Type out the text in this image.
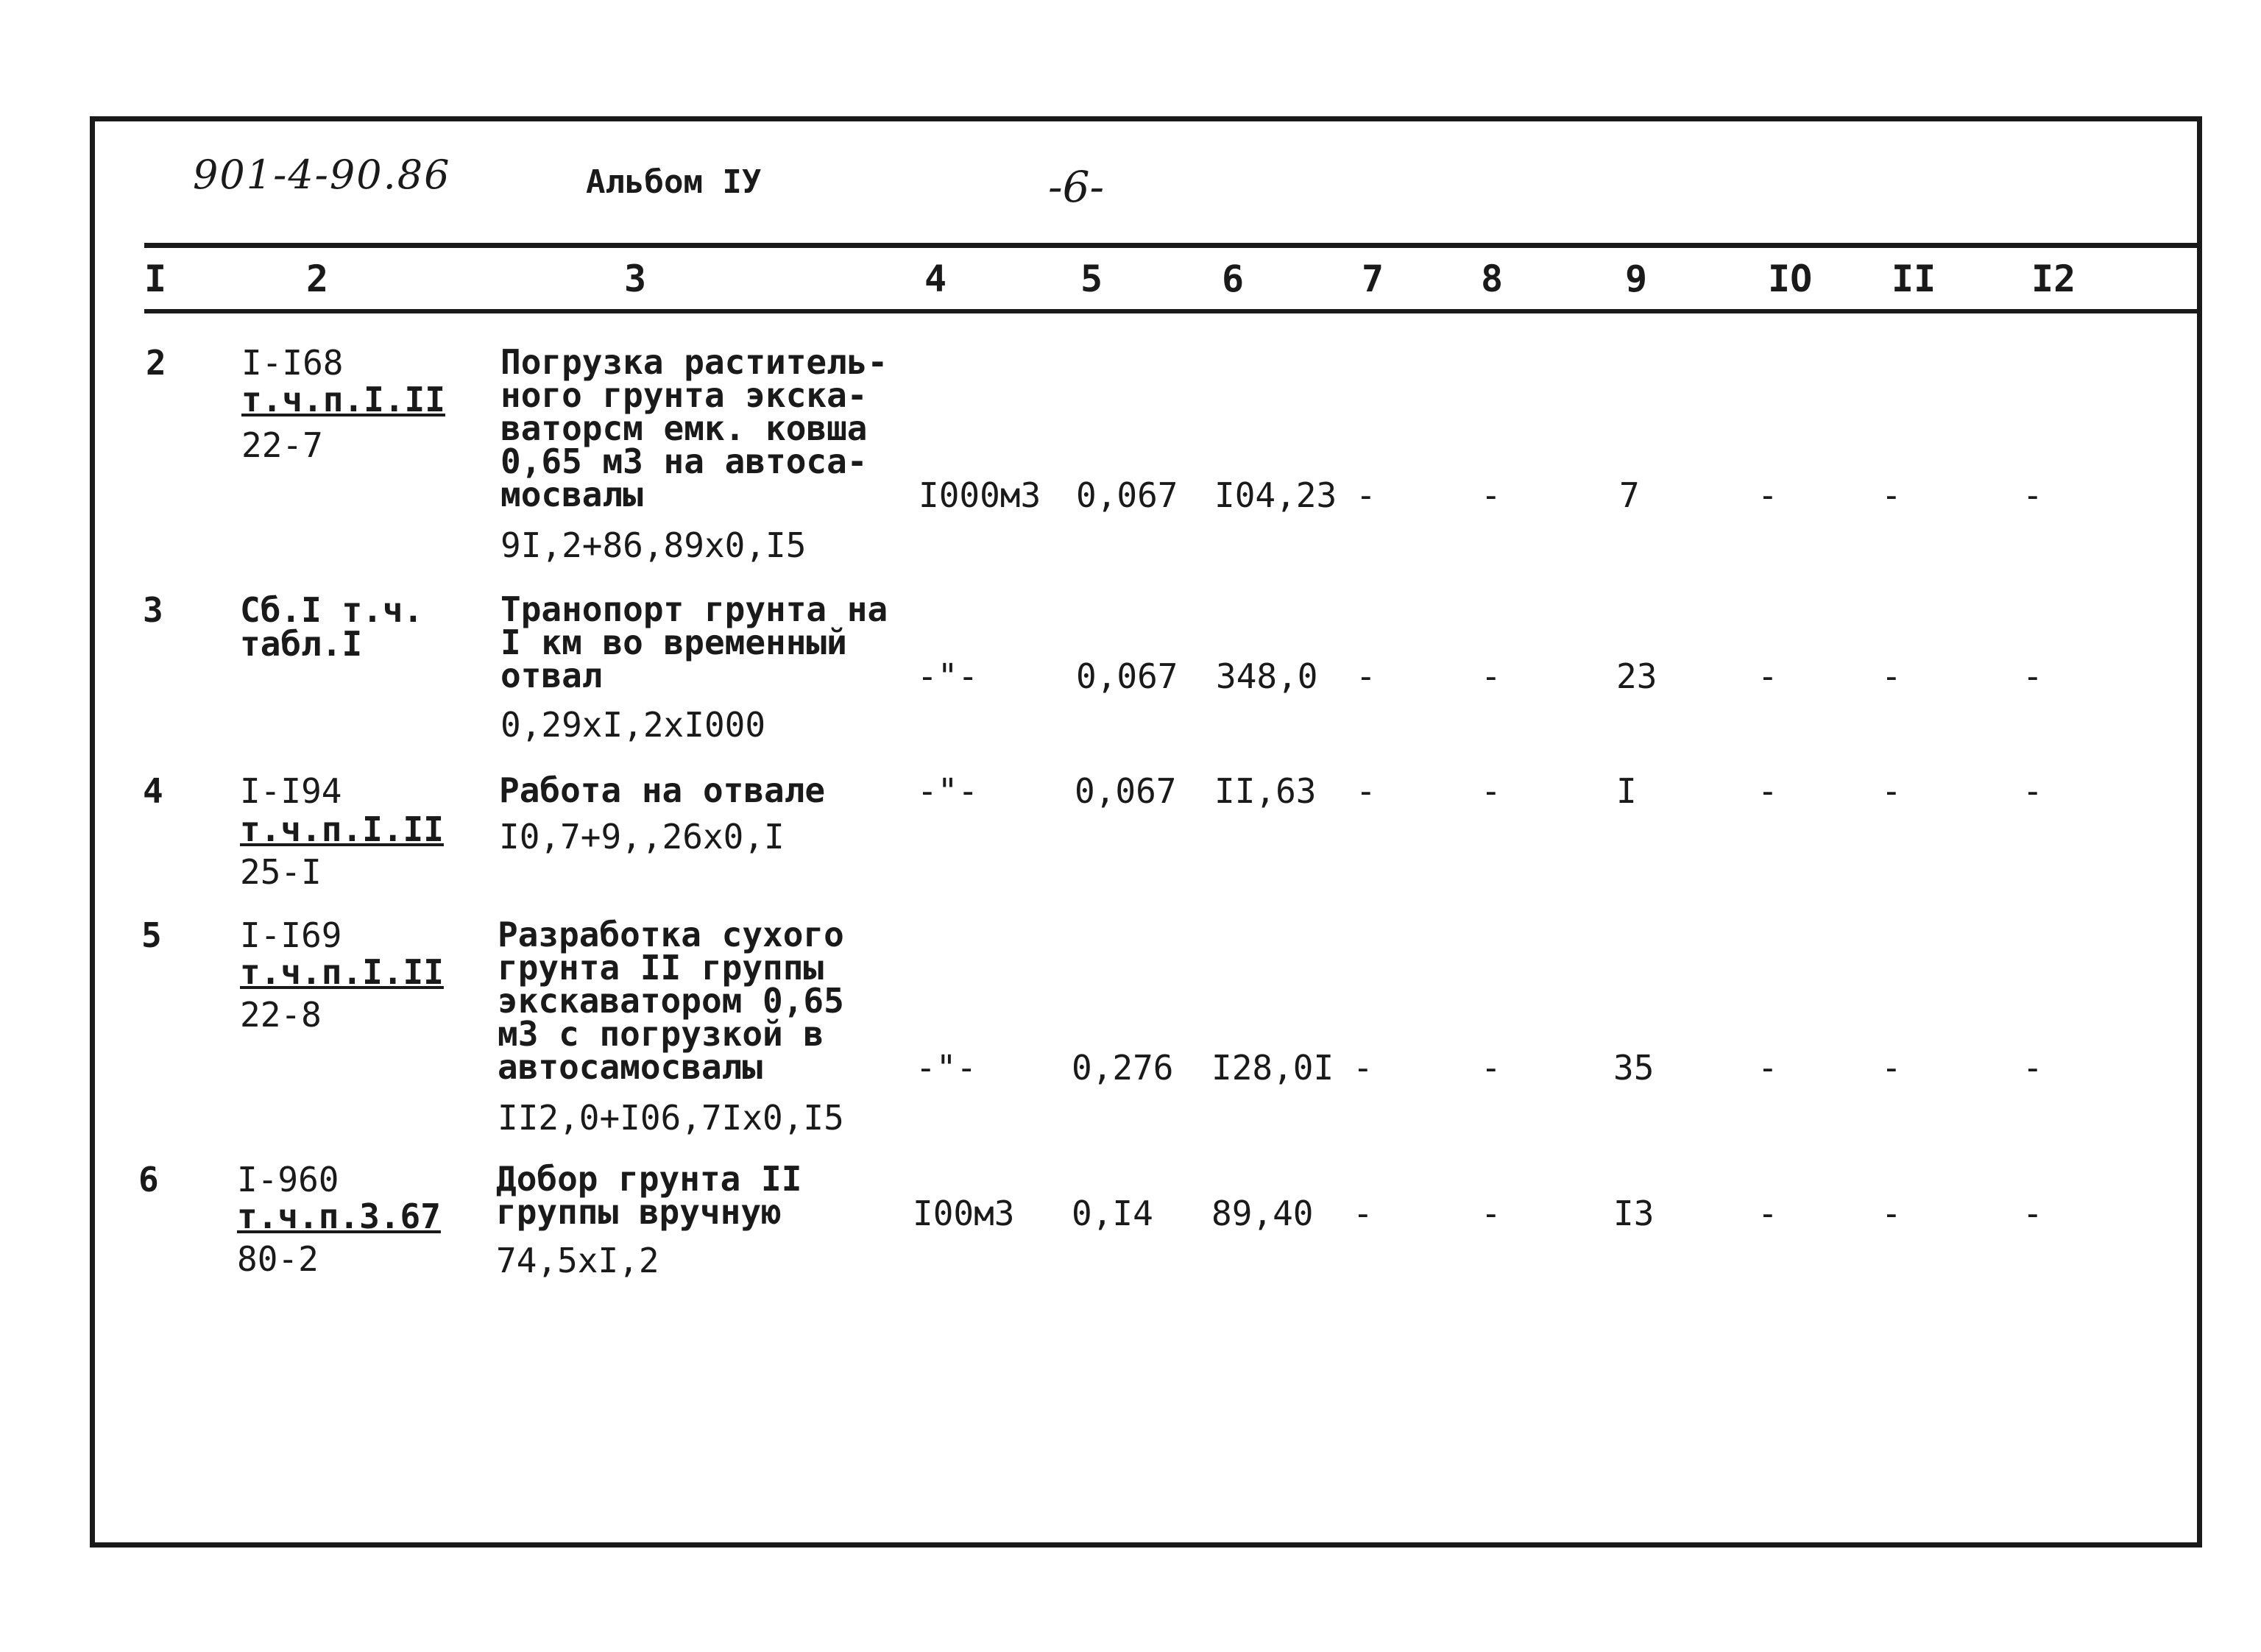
901-4-90.86	Альбом IУ	-6-
I	2	3	4	5	6	7	8	9	IO II	I2
2 I-I68
т.ч.п.I.II
22-7
Погрузка раститель-
ного грунта экска-
ваторсм емк. ковша
0,65 м3 на автоса-
мосвалы
9I,2+86,89x0,I5
I000м3 0,067 I04,23 -	-	7	-	-	-
3 Сб.I т.ч.
табл.I
Транопорт грунта на
I км во временный
отвал
0,29xI,2xI000
-"-	0,067 348,0 -	-	23	-	-	-
4 I-I94
т.ч.п.I.II
25-I
Работа на отвале
I0,7+9,,26x0,I
-"-	0,067 II,63 -	-	I	-	-	-
5 I-I69
т.ч.п.I.II
22-8
Разработка сухого
грунта II группы
экскаватором 0,65
м3 с погрузкой в
автосамосвалы
II2,0+I06,7Ix0,I5
-"-	0,276 I28,0I -	-	35	-	-	-
6 I-960
т.ч.п.3.67
80-2
Добор грунта II
группы вручную
74,5xI,2
I00м3 0,I4 89,40 -	-	I3	-	-	-
